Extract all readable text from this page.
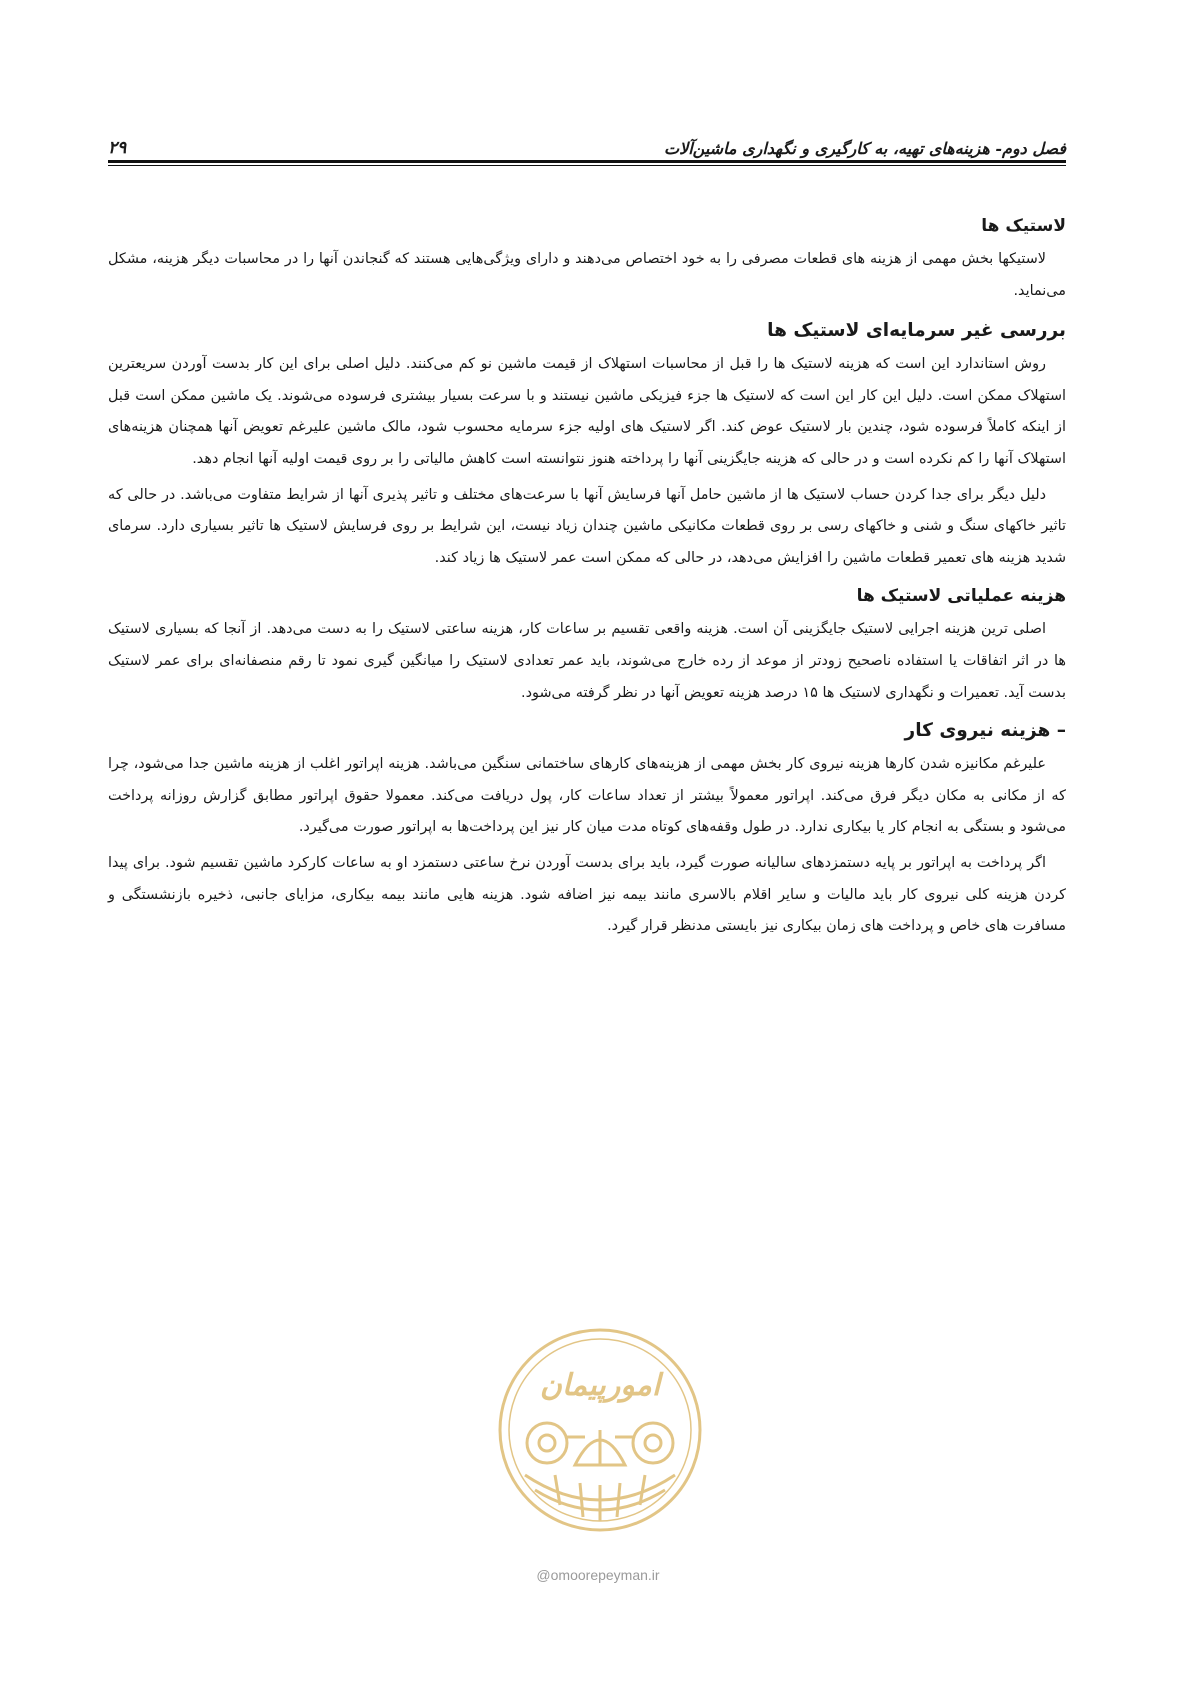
فصل دوم- هزینه‌های تهیه، به کارگیری و نگهداری ماشین‌آلات
۲۹
لاستیک ها

لاستیکها بخش مهمی از هزینه های قطعات مصرفی را به خود اختصاص می‌دهند و دارای ویژگی‌هایی هستند که گنجاندن آنها را در محاسبات دیگر هزینه، مشکل می‌نماید.

بررسی غیر سرمایه‌ای لاستیک ها

روش استاندارد این است که هزینه لاستیک ها را قبل از محاسبات استهلاک از قیمت ماشین نو کم می‌کنند. دلیل اصلی برای این کار بدست آوردن سریعترین استهلاک ممکن است. دلیل این کار این است که لاستیک ها جزء فیزیکی ماشین نیستند و با سرعت بسیار بیشتری فرسوده می‌شوند. یک ماشین ممکن است قبل از اینکه کاملاً فرسوده شود، چندین بار لاستیک عوض کند. اگر لاستیک های اولیه جزء سرمایه محسوب شود، مالک ماشین علیرغم تعویض آنها همچنان هزینه‌های استهلاک آنها را کم نکرده است و در حالی که هزینه جایگزینی آنها را پرداخته هنوز نتوانسته است کاهش مالیاتی را بر روی قیمت اولیه آنها انجام دهد.

دلیل دیگر برای جدا کردن حساب لاستیک ها از ماشین حامل آنها فرسایش آنها با سرعت‌های مختلف و تاثیر پذیری آنها از شرایط متفاوت می‌باشد. در حالی که تاثیر خاکهای سنگ و شنی و خاکهای رسی بر روی قطعات مکانیکی ماشین چندان زیاد نیست، این شرایط بر روی فرسایش لاستیک ها تاثیر بسیاری دارد. سرمای شدید هزینه های تعمیر قطعات ماشین را افزایش می‌دهد، در حالی که ممکن است عمر لاستیک ها زیاد کند.

هزینه عملیاتی لاستیک ها

اصلی ترین هزینه اجرایی لاستیک جایگزینی آن است. هزینه واقعی تقسیم بر ساعات کار، هزینه ساعتی لاستیک را به دست می‌دهد. از آنجا که بسیاری لاستیک ها در اثر اتفاقات یا استفاده ناصحیح زودتر از موعد از رده خارج می‌شوند، باید عمر تعدادی لاستیک را میانگین گیری نمود تا رقم منصفانه‌ای برای عمر لاستیک بدست آید. تعمیرات و نگهداری لاستیک ها ۱۵ درصد هزینه تعویض آنها در نظر گرفته می‌شود.

– هزینه نیروی کار

علیرغم مکانیزه شدن کارها هزینه نیروی کار بخش مهمی از هزینه‌های کارهای ساختمانی سنگین می‌باشد. هزینه اپراتور اغلب از هزینه ماشین جدا می‌شود، چرا که از مکانی به مکان دیگر فرق می‌کند. اپراتور معمولاً بیشتر از تعداد ساعات کار، پول دریافت می‌کند. معمولا حقوق اپراتور مطابق گزارش روزانه پرداخت می‌شود و بستگی به انجام کار یا بیکاری ندارد. در طول وقفه‌های کوتاه مدت میان کار نیز این پرداخت‌ها به اپراتور صورت می‌گیرد.

اگر پرداخت به اپراتور بر پایه دستمزدهای سالیانه صورت گیرد، باید برای بدست آوردن نرخ ساعتی دستمزد او به ساعات کارکرد ماشین تقسیم شود. برای پیدا کردن هزینه کلی نیروی کار باید مالیات و سایر اقلام بالاسری مانند بیمه نیز اضافه شود. هزینه هایی مانند بیمه بیکاری، مزایای جانبی، ذخیره بازنشستگی و مسافرت های خاص و پرداخت های زمان بیکاری نیز بایستی مدنظر قرار گیرد.

امورپیمان
@omoorepeyman.ir
